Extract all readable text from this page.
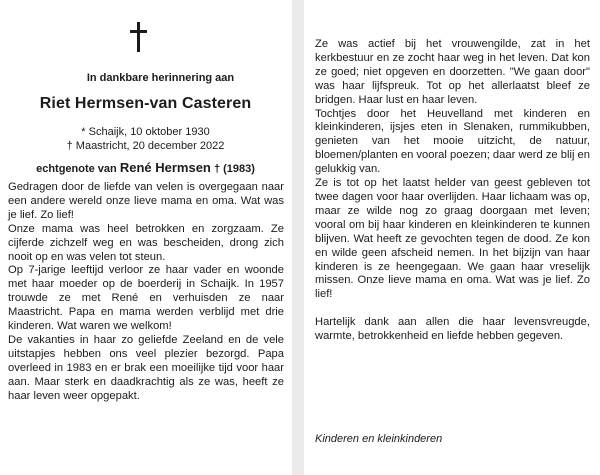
In dankbare herinnering aan
Riet Hermsen-van Casteren
* Schaijk, 10 oktober 1930
† Maastricht, 20 december 2022
echtgenote van René Hermsen † (1983)

Gedragen door de liefde van velen is overgegaan naar een andere wereld onze lieve mama en oma. Wat was je lief. Zo lief!

Onze mama was heel betrokken en zorgzaam. Ze cijferde zichzelf weg en was bescheiden, drong zich nooit op en was velen tot steun.

Op 7-jarige leeftijd verloor ze haar vader en woonde met haar moeder op de boerderij in Schaijk. In 1957 trouwde ze met René en verhuisden ze naar Maastricht. Papa en mama werden verblijd met drie kinderen. Wat waren we welkom!

De vakanties in haar zo geliefde Zeeland en de vele uitstapjes hebben ons veel plezier bezorgd. Papa overleed in 1983 en er brak een moeilijke tijd voor haar aan. Maar sterk en daadkrachtig als ze was, heeft ze haar leven weer opgepakt.

Ze was actief bij het vrouwengilde, zat in het kerkbestuur en ze zocht haar weg in het leven. Dat kon ze goed; niet opgeven en doorzetten. "We gaan door" was haar lijfspreuk. Tot op het allerlaatst bleef ze bridgen. Haar lust en haar leven.

Tochtjes door het Heuvelland met kinderen en kleinkinderen, ijsjes eten in Slenaken, rummikubben, genieten van het mooie uitzicht, de natuur, bloemen/planten en vooral poezen; daar werd ze blij en gelukkig van.

Ze is tot op het laatst helder van geest gebleven tot twee dagen voor haar overlijden. Haar lichaam was op, maar ze wilde nog zo graag doorgaan met leven; vooral om bij haar kinderen en kleinkinderen te kunnen blijven. Wat heeft ze gevochten tegen de dood. Ze kon en wilde geen afscheid nemen. In het bijzijn van haar kinderen is ze heengegaan. We gaan haar vreselijk missen. Onze lieve mama en oma. Wat was je lief. Zo lief!

Hartelijk dank aan allen die haar levensvreugde, warmte, betrokkenheid en liefde hebben gegeven.

Kinderen en kleinkinderen
